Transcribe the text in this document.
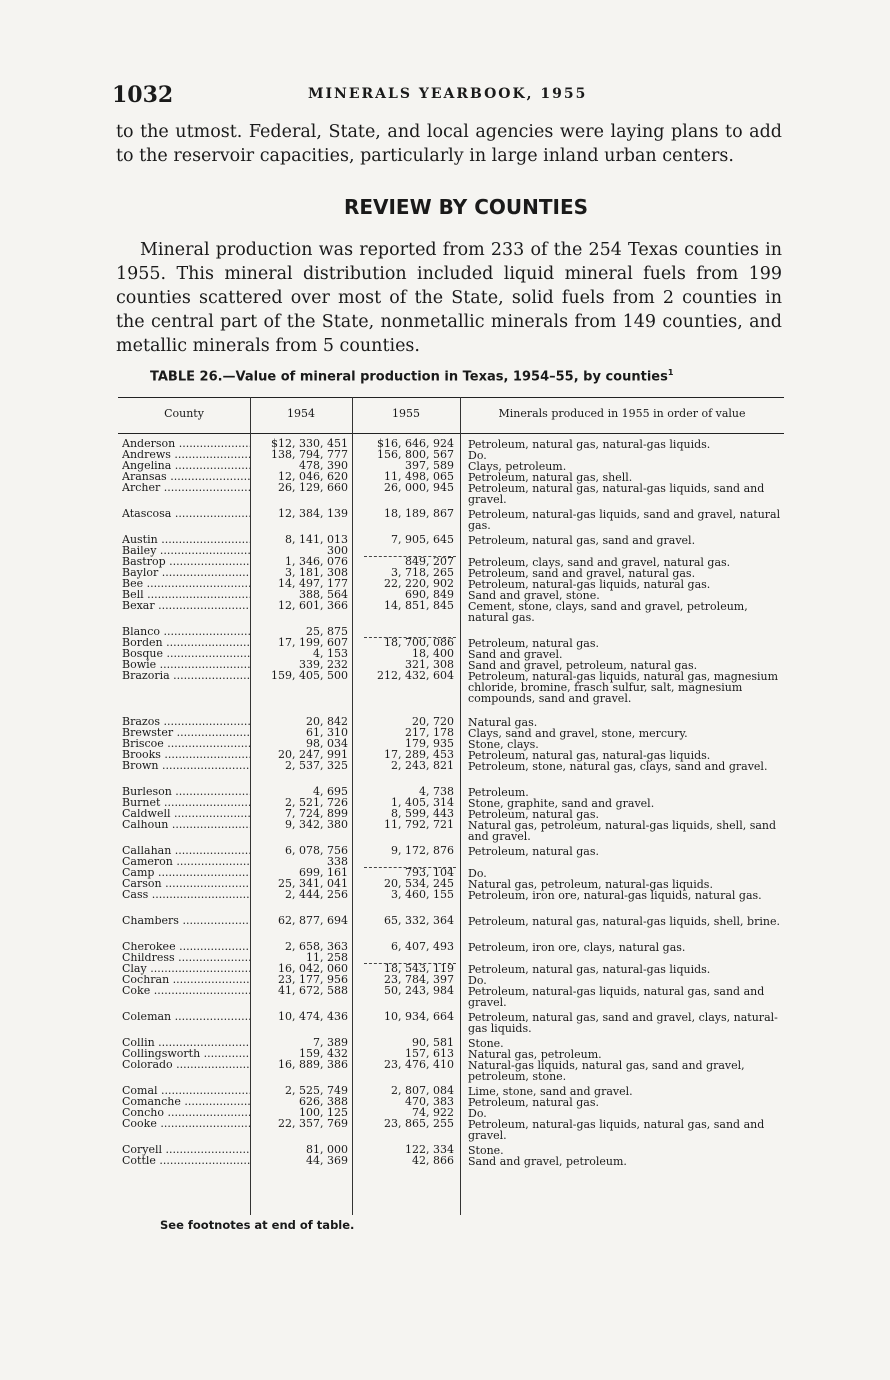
1032	MINERALS YEARBOOK, 1955
to the utmost. Federal, State, and local agencies were laying plans to add to the reservoir capacities, particularly in large inland urban centers.
REVIEW BY COUNTIES
Mineral production was reported from 233 of the 254 Texas counties in 1955. This mineral distribution included liquid mineral fuels from 199 counties scattered over most of the State, solid fuels from 2 counties in the central part of the State, nonmetallic minerals from 149 counties, and metallic minerals from 5 counties.
TABLE 26.—Value of mineral production in Texas, 1954–55, by counties$^1$
County	1954	1955	Minerals produced in 1955 in order of value
Anderson .....	$12, 330, 451	$16, 646, 924 Petroleum, natural gas, natural-gas liquids.
Andrews .....	138, 794, 777	156, 800, 567 Do.
Angelina .....	478, 390	397, 589 Clays, petroleum.
Aransas .....	12, 046, 620	11, 498, 065 Petroleum, natural gas, shell.
Archer .....	26, 129, 660	26, 000, 945 Petroleum, natural gas, natural-gas liquids, sand and gravel.
Atascosa .....	12, 384, 139	18, 189, 867 Petroleum, natural-gas liquids, sand and gravel, natural gas.
Austin .....	8, 141, 013	7, 905, 645 Petroleum, natural gas, sand and gravel.
Bailey .....	300
Bastrop .....	1, 346, 076	849, 207 Petroleum, clays, sand and gravel, natural gas.
Baylor .....	3, 181, 308	3, 718, 265 Petroleum, sand and gravel, natural gas.
Bee .....	14, 497, 177	22, 220, 902 Petroleum, natural-gas liquids, natural gas.
Bell .....	388, 564	690, 849 Sand and gravel, stone.
Bexar .....	12, 601, 366	14, 851, 845 Cement, stone, clays, sand and gravel, petroleum, natural gas.
Blanco .....	25, 875
Borden .....	17, 199, 607	18, 700, 086 Petroleum, natural gas.
Bosque .....	4, 153	18, 400 Sand and gravel.
Bowie .....	339, 232	321, 308 Sand and gravel, petroleum, natural gas.
Brazoria .....	159, 405, 500	212, 432, 604 Petroleum, natural-gas liquids, natural gas, magnesium chloride, bromine, frasch sulfur, salt, magnesium compounds, sand and gravel.
Brazos .....	20, 842	20, 720 Natural gas.
Brewster .....	61, 310	217, 178 Clays, sand and gravel, stone, mercury.
Briscoe .....	98, 034	179, 935 Stone, clays.
Brooks .....	20, 247, 991	17, 289, 453 Petroleum, natural gas, natural-gas liquids.
Brown .....	2, 537, 325	2, 243, 821 Petroleum, stone, natural gas, clays, sand and gravel.
Burleson .....	4, 695	4, 738 Petroleum.
Burnet .....	2, 521, 726	1, 405, 314 Stone, graphite, sand and gravel.
Caldwell .....	7, 724, 899	8, 599, 443 Petroleum, natural gas.
Calhoun .....	9, 342, 380	11, 792, 721 Natural gas, petroleum, natural-gas liquids, shell, sand and gravel.
Callahan .....	6, 078, 756	9, 172, 876 Petroleum, natural gas.
Cameron .....	338
Camp .....	699, 161	793, 104 Do.
Carson .....	25, 341, 041	20, 534, 245 Natural gas, petroleum, natural-gas liquids.
Cass .....	2, 444, 256	3, 460, 155 Petroleum, iron ore, natural-gas liquids, natural gas.
Chambers .....	62, 877, 694	65, 332, 364 Petroleum, natural gas, natural-gas liquids, shell, brine.
Cherokee .....	2, 658, 363	6, 407, 493 Petroleum, iron ore, clays, natural gas.
Childress .....	11, 258
Clay .....	16, 042, 060	18, 543, 119 Petroleum, natural gas, natural-gas liquids.
Cochran .....	23, 177, 956	23, 784, 397 Do.
Coke .....	41, 672, 588	50, 243, 984 Petroleum, natural-gas liquids, natural gas, sand and gravel.
Coleman .....	10, 474, 436	10, 934, 664 Petroleum, natural gas, sand and gravel, clays, natural-gas liquids.
Collin .....	7, 389	90, 581 Stone.
Collingsworth .....	159, 432	157, 613 Natural gas, petroleum.
Colorado .....	16, 889, 386	23, 476, 410 Natural-gas liquids, natural gas, sand and gravel, petroleum, stone.
Comal .....	2, 525, 749	2, 807, 084 Lime, stone, sand and gravel.
Comanche .....	626, 388	470, 383 Petroleum, natural gas.
Concho .....	100, 125	74, 922 Do.
Cooke .....	22, 357, 769	23, 865, 255 Petroleum, natural-gas liquids, natural gas, sand and gravel.
Coryell .....	81, 000	122, 334 Stone.
Cottle .....	44, 369	42, 866 Sand and gravel, petroleum.
See footnotes at end of table.
